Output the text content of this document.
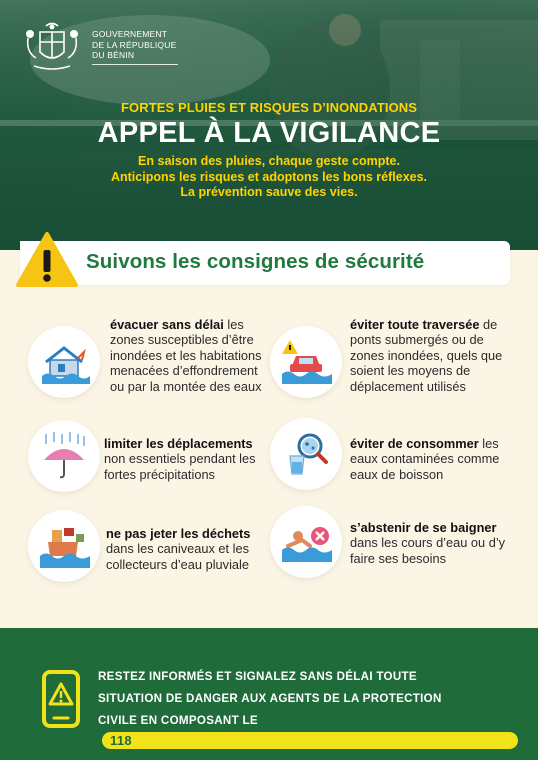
GOUVERNEMENT
DE LA RÉPUBLIQUE
DU BÉNIN
FORTES PLUIES ET RISQUES D’INONDATIONS
APPEL À LA VIGILANCE
En saison des pluies, chaque geste compte.
Anticipons les risques et adoptons les bons réflexes.
La prévention sauve des vies.
Suivons les consignes de sécurité
évacuer sans délai les zones susceptibles d’être inondées et les habitations menacées d’effondrement ou par la montée des eaux
éviter toute traversée de ponts submergés ou de zones inondées, quels que soient les moyens de déplacement utilisés
limiter les déplacements non essentiels pendant les fortes précipitations
éviter de consommer les eaux contaminées comme eaux de boisson
ne pas jeter les déchets dans les caniveaux et les collecteurs d’eau pluviale
s’abstenir de se baigner dans les cours d’eau ou d’y faire ses besoins
RESTEZ INFORMÉS ET SIGNALEZ SANS DÉLAI TOUTE
SITUATION DE DANGER AUX AGENTS DE LA PROTECTION
CIVILE EN COMPOSANT LE
118
